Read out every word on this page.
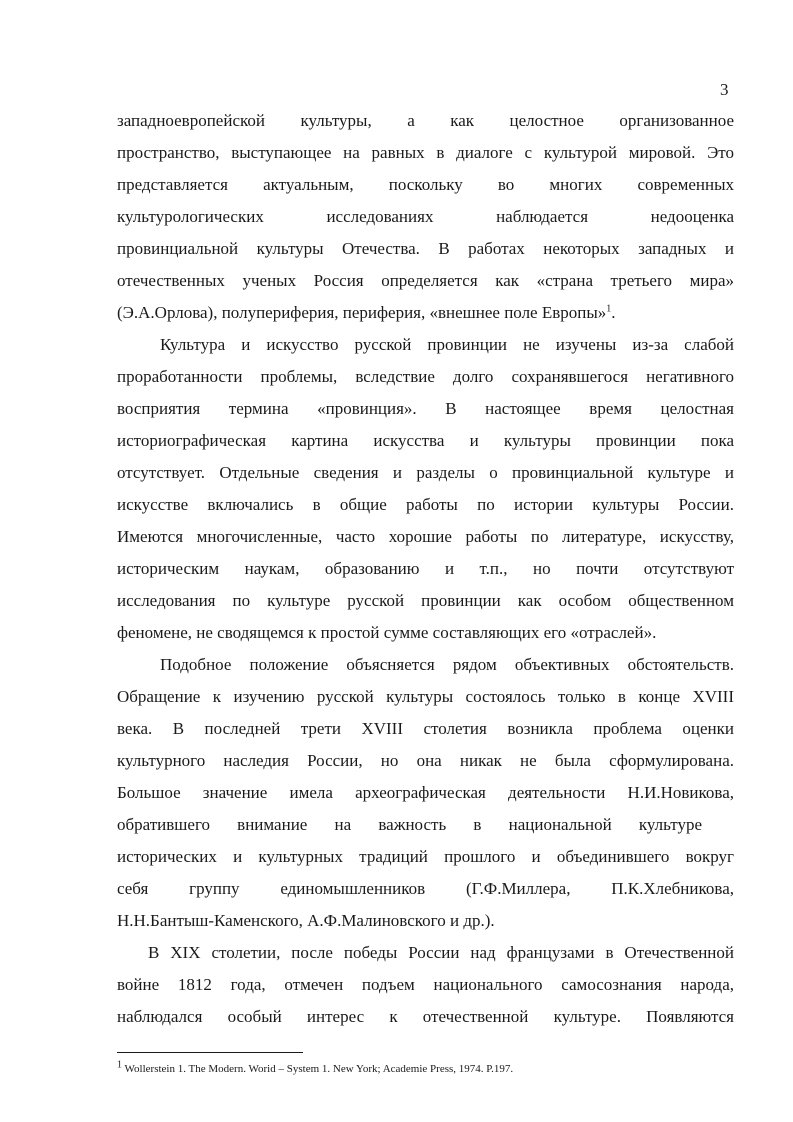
3
западноевропейской культуры, а как целостное организованное
пространство, выступающее на равных в диалоге с культурой мировой. Это
представляется актуальным, поскольку во многих современных
культурологических исследованиях наблюдается недооценка
провинциальной культуры Отечества. В работах некоторых западных и
отечественных ученых Россия определяется как «страна третьего мира»
(Э.А.Орлова), полупериферия, периферия, «внешнее поле Европы»$^1$.
Культура и искусство русской провинции не изучены из-за слабой
проработанности проблемы, вследствие долго сохранявшегося негативного
восприятия термина «провинция». В настоящее время целостная
историографическая картина искусства и культуры провинции пока
отсутствует. Отдельные сведения и разделы о провинциальной культуре и
искусстве включались в общие работы по истории культуры России.
Имеются многочисленные, часто хорошие работы по литературе, искусству,
историческим наукам, образованию и т.п., но почти отсутствуют
исследования по культуре русской провинции как особом общественном
феномене, не сводящемся к простой сумме составляющих его «отраслей».
Подобное положение объясняется рядом объективных обстоятельств.
Обращение к изучению русской культуры состоялось только в конце XVIII
века. В последней трети XVIII столетия возникла проблема оценки
культурного наследия России, но она никак не была сформулирована.
Большое значение имела археографическая деятельности Н.И.Новикова,
обратившего внимание на важность в национальной культуре
исторических и культурных традиций прошлого и объединившего вокруг
себя группу единомышленников (Г.Ф.Миллера, П.К.Хлебникова,
Н.Н.Бантыш-Каменского, А.Ф.Малиновского и др.).
В XIX столетии, после победы России над французами в Отечественной
войне 1812 года, отмечен подъем национального самосознания народа,
наблюдался особый интерес к отечественной культуре. Появляются
$^1$ Wollerstein 1. The Modern. Worid – System 1. New York; Academie Press, 1974. P.197.
